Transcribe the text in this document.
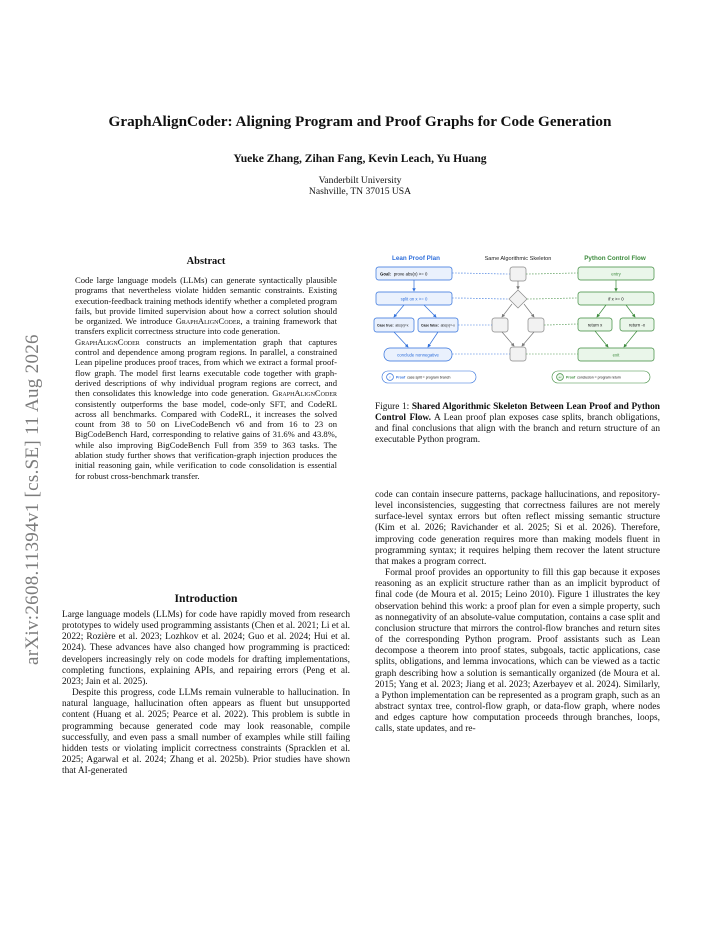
arXiv:2608.11394v1 [cs.SE] 11 Aug 2026
GraphAlignCoder: Aligning Program and Proof Graphs for Code Generation
Yueke Zhang, Zihan Fang, Kevin Leach, Yu Huang
Vanderbilt University
Nashville, TN 37015 USA
Abstract

Code large language models (LLMs) can generate syntactically plausible programs that nevertheless violate hidden semantic constraints. Existing execution-feedback training methods identify whether a completed program fails, but provide limited supervision about how a correct solution should be organized. We introduce GraphAlignCoder, a training framework that transfers explicit correctness structure into code generation.

GraphAlignCoder constructs an implementation graph that captures control and dependence among program regions. In parallel, a constrained Lean pipeline produces proof traces, from which we extract a formal proof-flow graph. The model first learns executable code together with graph-derived descriptions of why individual program regions are correct, and then consolidates this knowledge into code generation. GraphAlignCoder consistently outperforms the base model, code-only SFT, and CodeRL across all benchmarks. Compared with CodeRL, it increases the solved count from 38 to 50 on LiveCodeBench v6 and from 16 to 23 on BigCodeBench Hard, corresponding to relative gains of 31.6% and 43.8%, while also improving BigCodeBench Full from 359 to 363 tasks. The ablation study further shows that verification-graph injection produces the initial reasoning gain, while verification to code consolidation is essential for robust cross-benchmark transfer.

Introduction

Large language models (LLMs) for code have rapidly moved from research prototypes to widely used programming assistants (Chen et al. 2021; Li et al. 2022; Rozière et al. 2023; Lozhkov et al. 2024; Guo et al. 2024; Hui et al. 2024). These advances have also changed how programming is practiced: developers increasingly rely on code models for drafting implementations, completing functions, explaining APIs, and repairing errors (Peng et al. 2023; Jain et al. 2025).

Despite this progress, code LLMs remain vulnerable to hallucination. In natural language, hallucination often appears as fluent but unsupported content (Huang et al. 2025; Pearce et al. 2022). This problem is subtle in programming because generated code may look reasonable, compile successfully, and even pass a small number of examples while still failing hidden tests or violating implicit correctness constraints (Spracklen et al. 2025; Agarwal et al. 2024; Zhang et al. 2025b). Prior studies have shown that AI-generated

Lean Proof Plan	Same Algorithmic Skeleton	Python Control Flow
Goal: prove abs(x) >= 0
split on x >= 0
Case true: abs(x)=x	Case false: abs(x)=-x
conclude nonnegative
entry
if x >= 0
return x	return -x
exit
⑂ Proof case split = program branch	↩ Proof conclusion = program return
Figure 1: Shared Algorithmic Skeleton Between Lean Proof and Python Control Flow. A Lean proof plan exposes case splits, branch obligations, and final conclusions that align with the branch and return structure of an executable Python program.

code can contain insecure patterns, package hallucinations, and repository-level inconsistencies, suggesting that correctness failures are not merely surface-level syntax errors but often reflect missing semantic structure (Kim et al. 2026; Ravichander et al. 2025; Si et al. 2026). Therefore, improving code generation requires more than making models fluent in programming syntax; it requires helping them recover the latent structure that makes a program correct.

Formal proof provides an opportunity to fill this gap because it exposes reasoning as an explicit structure rather than as an implicit byproduct of final code (de Moura et al. 2015; Leino 2010). Figure 1 illustrates the key observation behind this work: a proof plan for even a simple property, such as nonnegativity of an absolute-value computation, contains a case split and conclusion structure that mirrors the control-flow branches and return sites of the corresponding Python program. Proof assistants such as Lean decompose a theorem into proof states, subgoals, tactic applications, case splits, obligations, and lemma invocations, which can be viewed as a tactic graph describing how a solution is semantically organized (de Moura et al. 2015; Yang et al. 2023; Jiang et al. 2023; Azerbayev et al. 2024). Similarly, a Python implementation can be represented as a program graph, such as an abstract syntax tree, control-flow graph, or data-flow graph, where nodes and edges capture how computation proceeds through branches, loops, calls, state updates, and re-
